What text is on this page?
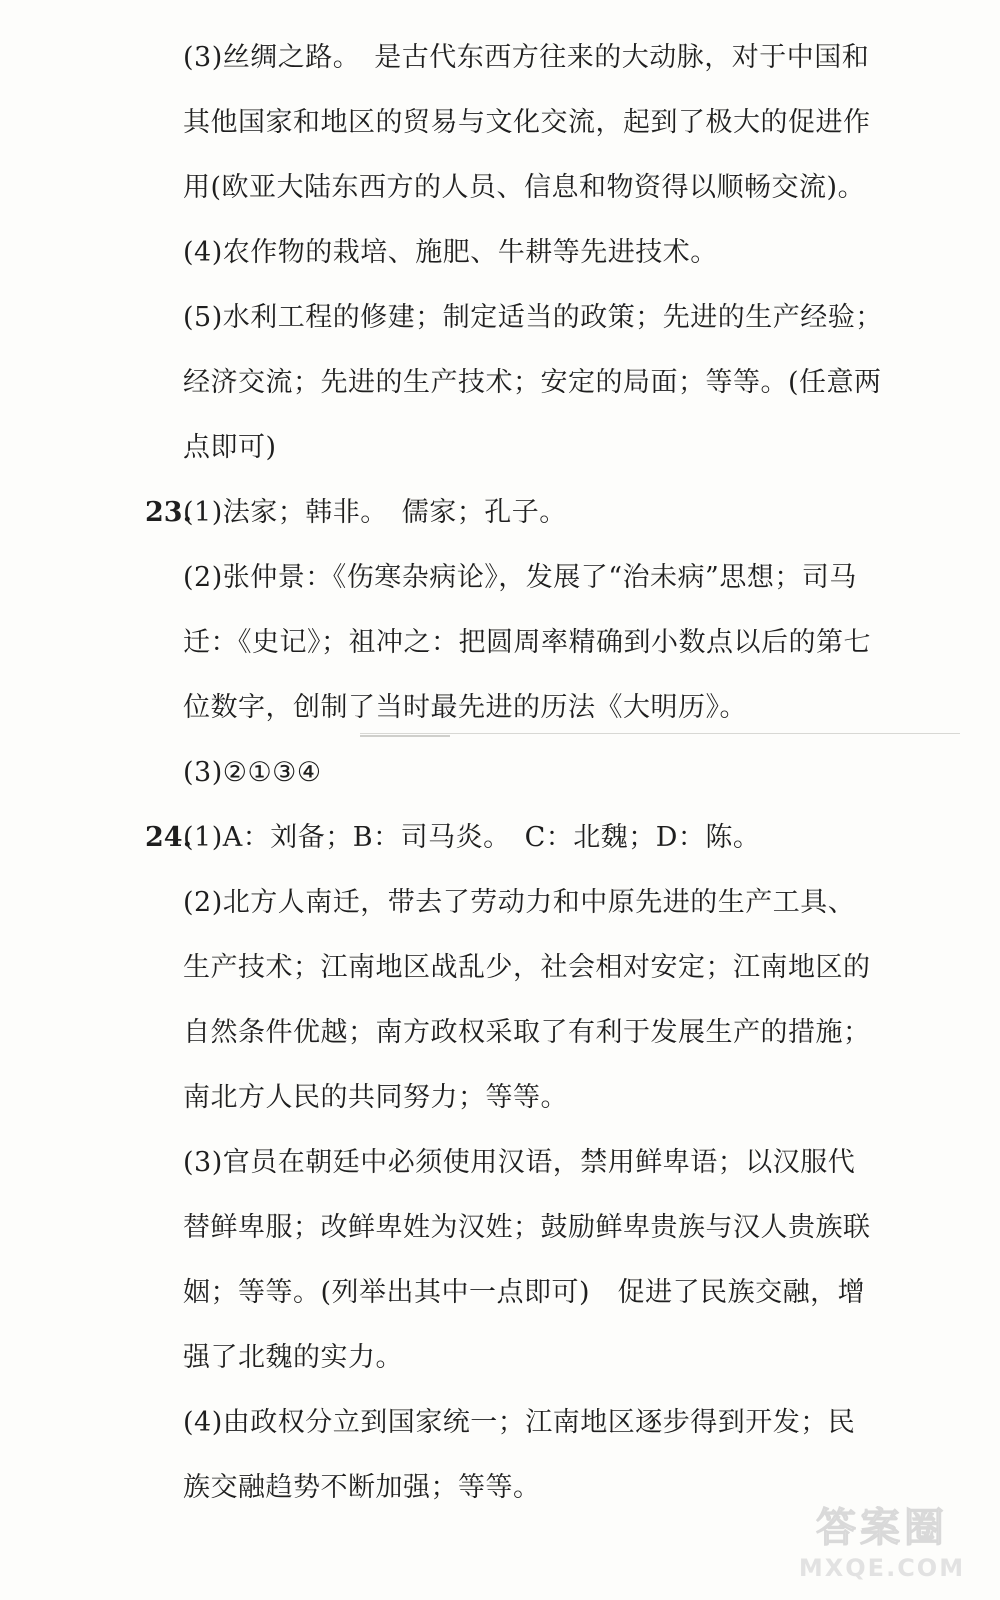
(3)丝绸之路。　是古代东西方往来的大动脉，对于中国和
其他国家和地区的贸易与文化交流，起到了极大的促进作
用(欧亚大陆东西方的人员、信息和物资得以顺畅交流)。
(4)农作物的栽培、施肥、牛耕等先进技术。
(5)水利工程的修建；制定适当的政策；先进的生产经验；
经济交流；先进的生产技术；安定的局面；等等。(任意两
点即可)
23.
(1)法家；韩非。　儒家；孔子。
(2)张仲景：《伤寒杂病论》，发展了“治未病”思想；司马
迁：《史记》；祖冲之：把圆周率精确到小数点以后的第七
位数字，创制了当时最先进的历法《大明历》。
(3)②①③④
24.
(1)A：刘备；B：司马炎。　C：北魏；D：陈。
(2)北方人南迁，带去了劳动力和中原先进的生产工具、
生产技术；江南地区战乱少，社会相对安定；江南地区的
自然条件优越；南方政权采取了有利于发展生产的措施；
南北方人民的共同努力；等等。
(3)官员在朝廷中必须使用汉语，禁用鲜卑语；以汉服代
替鲜卑服；改鲜卑姓为汉姓；鼓励鲜卑贵族与汉人贵族联
姻；等等。(列举出其中一点即可)　促进了民族交融，增
强了北魏的实力。
(4)由政权分立到国家统一；江南地区逐步得到开发；民
族交融趋势不断加强；等等。
答案圈
MXQE.COM
